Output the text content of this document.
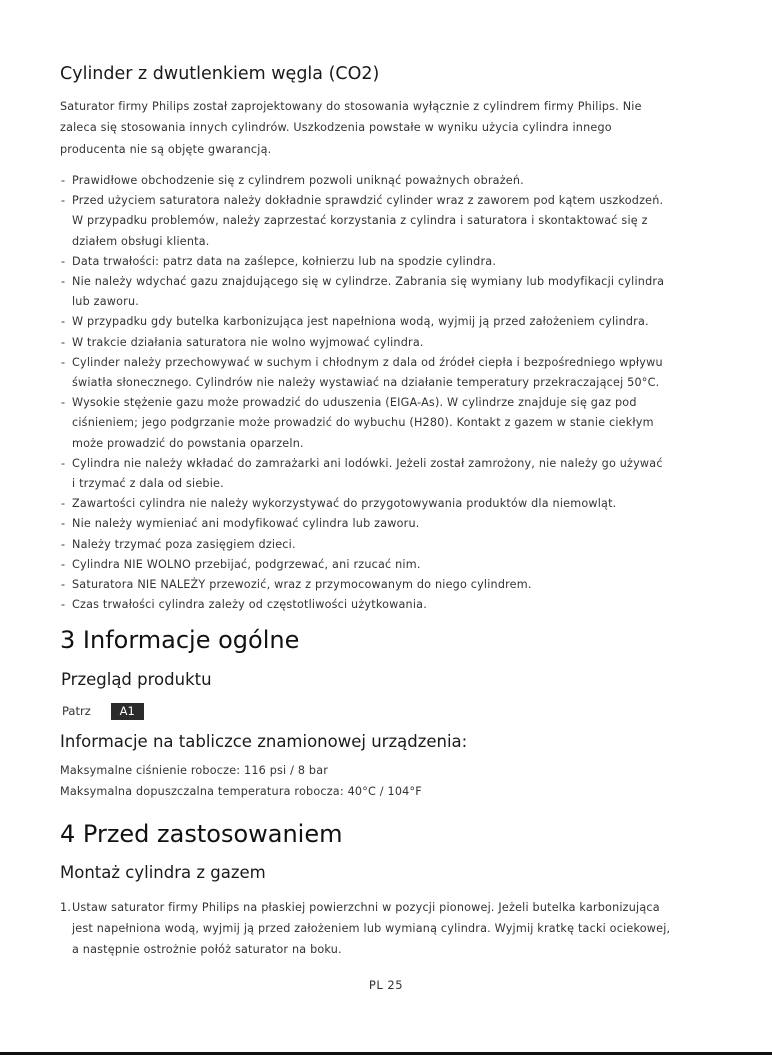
Cylinder z dwutlenkiem węgla (CO2)

Saturator firmy Philips został zaprojektowany do stosowania wyłącznie z cylindrem firmy Philips. Nie
zaleca się stosowania innych cylindrów. Uszkodzenia powstałe w wyniku użycia cylindra innego
producenta nie są objęte gwarancją.

- Prawidłowe obchodzenie się z cylindrem pozwoli uniknąć poważnych obrażeń.
- Przed użyciem saturatora należy dokładnie sprawdzić cylinder wraz z zaworem pod kątem uszkodzeń.
W przypadku problemów, należy zaprzestać korzystania z cylindra i saturatora i skontaktować się z
działem obsługi klienta.
- Data trwałości: patrz data na zaślepce, kołnierzu lub na spodzie cylindra.
- Nie należy wdychać gazu znajdującego się w cylindrze. Zabrania się wymiany lub modyfikacji cylindra
lub zaworu.
- W przypadku gdy butelka karbonizująca jest napełniona wodą, wyjmij ją przed założeniem cylindra.
- W trakcie działania saturatora nie wolno wyjmować cylindra.
- Cylinder należy przechowywać w suchym i chłodnym z dala od źródeł ciepła i bezpośredniego wpływu
światła słonecznego. Cylindrów nie należy wystawiać na działanie temperatury przekraczającej 50°C.
- Wysokie stężenie gazu może prowadzić do uduszenia (EIGA-As). W cylindrze znajduje się gaz pod
ciśnieniem; jego podgrzanie może prowadzić do wybuchu (H280). Kontakt z gazem w stanie ciekłym
może prowadzić do powstania oparzeln.
- Cylindra nie należy wkładać do zamrażarki ani lodówki. Jeżeli został zamrożony, nie należy go używać
i trzymać z dala od siebie.
- Zawartości cylindra nie należy wykorzystywać do przygotowywania produktów dla niemowląt.
- Nie należy wymieniać ani modyfikować cylindra lub zaworu.
- Należy trzymać poza zasięgiem dzieci.
- Cylindra NIE WOLNO przebijać, podgrzewać, ani rzucać nim.
- Saturatora NIE NALEŻY przewozić, wraz z przymocowanym do niego cylindrem.
- Czas trwałości cylindra zależy od częstotliwości użytkowania.
3 Informacje ogólne
Przegląd produktu
Patrz	A1
Informacje na tabliczce znamionowej urządzenia:
Maksymalne ciśnienie robocze: 116 psi / 8 bar
Maksymalna dopuszczalna temperatura robocza: 40°C / 104°F
4 Przed zastosowaniem
Montaż cylindra z gazem
1. Ustaw saturator firmy Philips na płaskiej powierzchni w pozycji pionowej. Jeżeli butelka karbonizująca
jest napełniona wodą, wyjmij ją przed założeniem lub wymianą cylindra. Wyjmij kratkę tacki ociekowej,
a następnie ostrożnie połóż saturator na boku.
PL 25
